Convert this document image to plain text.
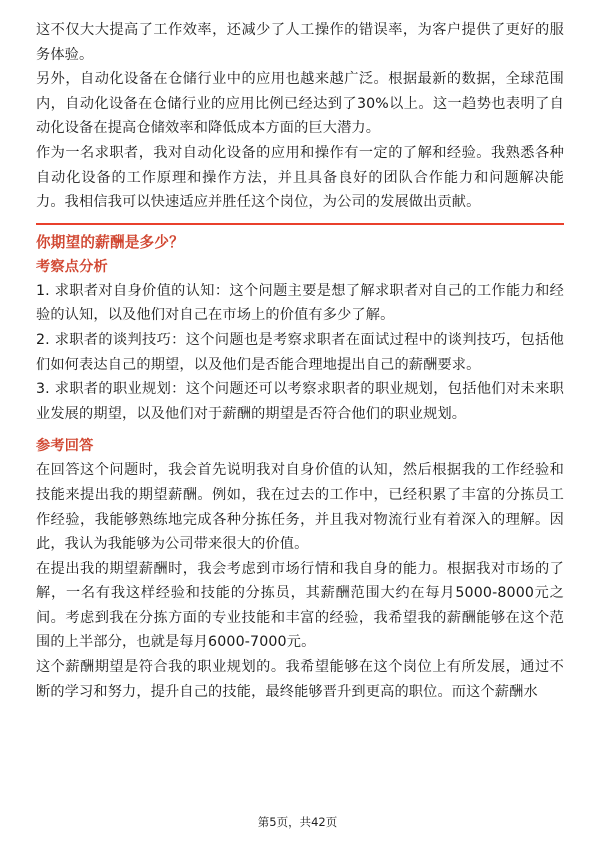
这不仅大大提高了工作效率，还减少了人工操作的错误率，为客户提供了更好的服务体验。

另外，自动化设备在仓储行业中的应用也越来越广泛。根据最新的数据，全球范围内，自动化设备在仓储行业的应用比例已经达到了30%以上。这一趋势也表明了自动化设备在提高仓储效率和降低成本方面的巨大潜力。

作为一名求职者，我对自动化设备的应用和操作有一定的了解和经验。我熟悉各种自动化设备的工作原理和操作方法，并且具备良好的团队合作能力和问题解决能力。我相信我可以快速适应并胜任这个岗位，为公司的发展做出贡献。

你期望的薪酬是多少？

考察点分析

1. 求职者对自身价值的认知：这个问题主要是想了解求职者对自己的工作能力和经验的认知，以及他们对自己在市场上的价值有多少了解。

2. 求职者的谈判技巧：这个问题也是考察求职者在面试过程中的谈判技巧，包括他们如何表达自己的期望，以及他们是否能合理地提出自己的薪酬要求。

3. 求职者的职业规划：这个问题还可以考察求职者的职业规划，包括他们对未来职业发展的期望，以及他们对于薪酬的期望是否符合他们的职业规划。

参考回答

在回答这个问题时，我会首先说明我对自身价值的认知，然后根据我的工作经验和技能来提出我的期望薪酬。例如，我在过去的工作中，已经积累了丰富的分拣员工作经验，我能够熟练地完成各种分拣任务，并且我对物流行业有着深入的理解。因此，我认为我能够为公司带来很大的价值。

在提出我的期望薪酬时，我会考虑到市场行情和我自身的能力。根据我对市场的了解，一名有我这样经验和技能的分拣员，其薪酬范围大约在每月5000-8000元之间。考虑到我在分拣方面的专业技能和丰富的经验，我希望我的薪酬能够在这个范围的上半部分，也就是每月6000-7000元。

这个薪酬期望是符合我的职业规划的。我希望能够在这个岗位上有所发展，通过不断的学习和努力，提升自己的技能，最终能够晋升到更高的职位。而这个薪酬水

第5页，共42页
